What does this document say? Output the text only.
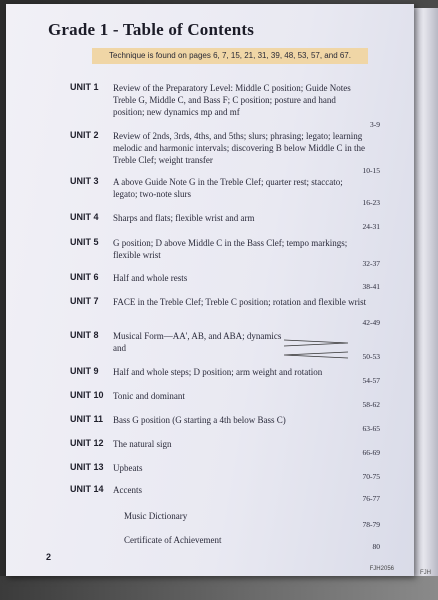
FJH
Grade 1 - Table of Contents
Technique is found on pages 6, 7, 15, 21, 31, 39, 48, 53, 57, and 67.
UNIT 1 Review of the Preparatory Level: Middle C position; Guide Notes Treble G, Middle C, and Bass F; C position; posture and hand position; new dynamics mp and mf
3-9
UNIT 2 Review of 2nds, 3rds, 4ths, and 5ths; slurs; phrasing; legato; learning melodic and harmonic intervals; discovering B below Middle C in the Treble Clef; weight transfer
10-15
UNIT 3 A above Guide Note G in the Treble Clef; quarter rest; staccato; legato; two-note slurs
16-23
UNIT 4 Sharps and flats; flexible wrist and arm
24-31
UNIT 5 G position; D above Middle C in the Bass Clef; tempo markings; flexible wrist
32-37
UNIT 6 Half and whole rests
38-41
UNIT 7 FACE in the Treble Clef; Treble C position; rotation and flexible wrist
42-49
UNIT 8 Musical Form—AA', AB, and ABA; dynamics and
50-53
UNIT 9 Half and whole steps; D position; arm weight and rotation
54-57
UNIT 10 Tonic and dominant
58-62
UNIT 11 Bass G position (G starting a 4th below Bass C)
63-65
UNIT 12 The natural sign
66-69
UNIT 13 Upbeats
70-75
UNIT 14 Accents
76-77
Music Dictionary
78-79
Certificate of Achievement
80
2
FJH2056
